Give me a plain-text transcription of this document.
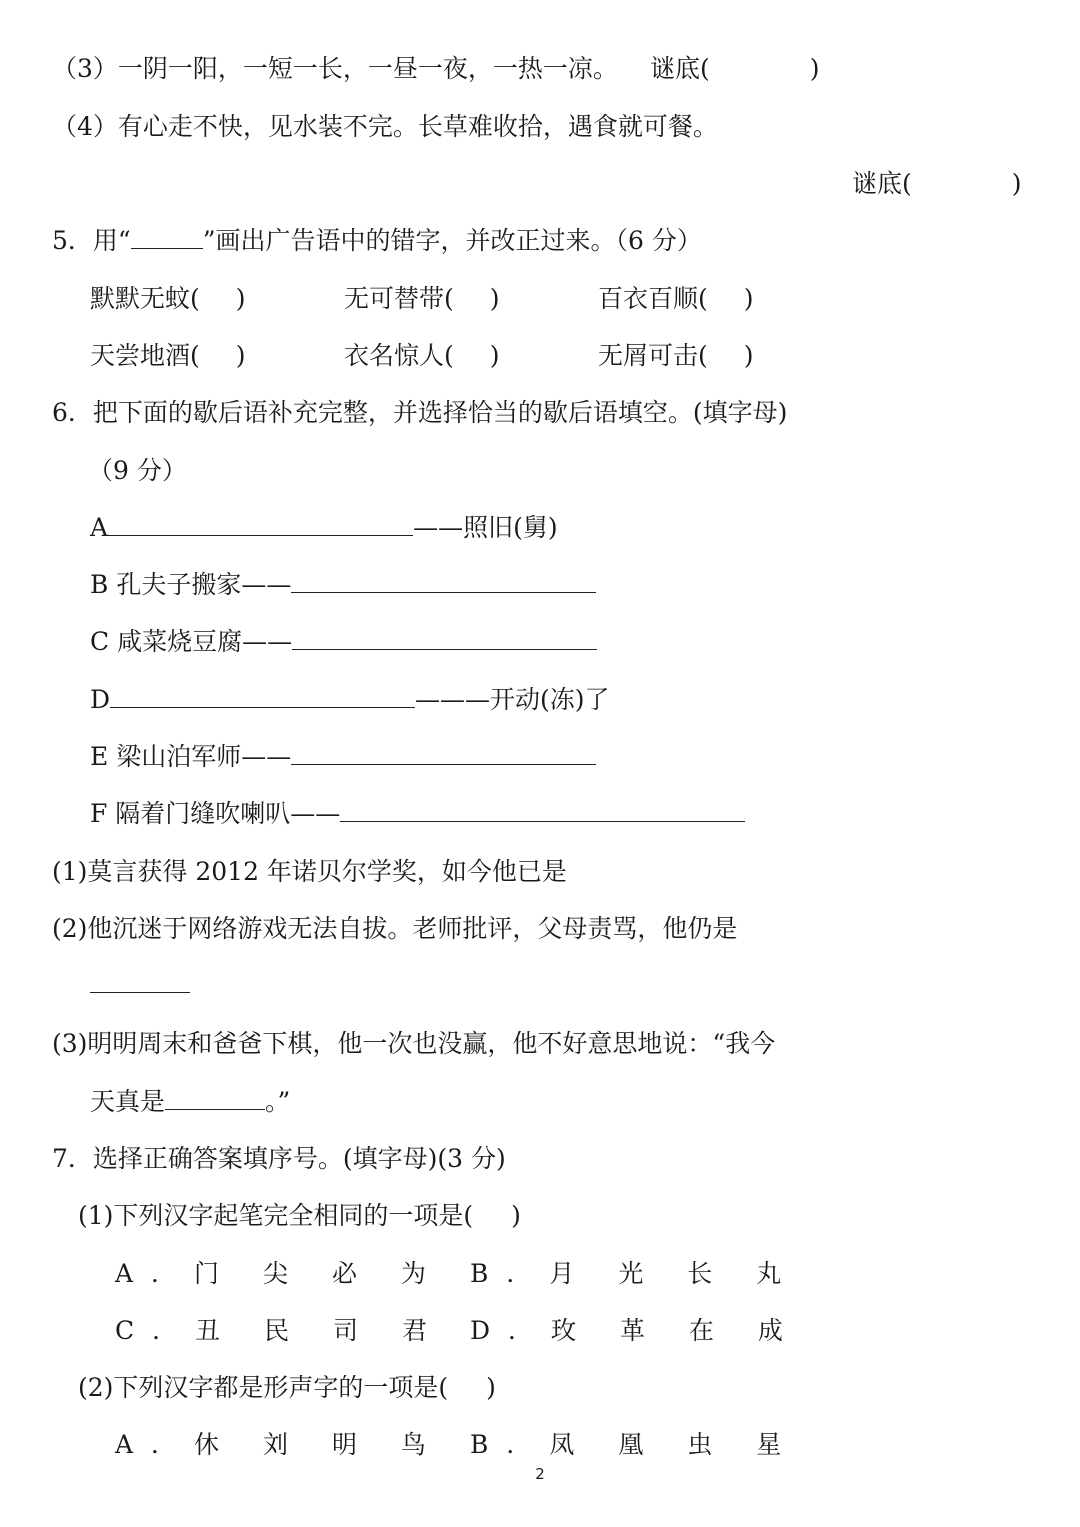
（3）一阴一阳，一短一长，一昼一夜，一热一凉。 谜底(	)
（4）有心走不快，见水装不完。长草难收拾，遇食就可餐。
谜底(	)
5．用“	”画出广告语中的错字，并改正过来。（6 分）
默默无蚊( )	无可替带( )	百衣百顺( )
天尝地酒( )	衣名惊人( )	无屑可击( )
6．把下面的歇后语补充完整，并选择恰当的歇后语填空。(填字母)
（9 分）
A	——照旧(舅)
B 孔夫子搬家——
C 咸菜烧豆腐——
D	———开动(冻)了
E 梁山泊军师——
F 隔着门缝吹喇叭——
(1)莫言获得 2012 年诺贝尔学奖，如今他已是
(2)他沉迷于网络游戏无法自拔。老师批评，父母责骂，他仍是
(3)明明周末和爸爸下棋，他一次也没赢，他不好意思地说：“我今
天真是	。”
7．选择正确答案填序号。(填字母)(3 分)
(1)下列汉字起笔完全相同的一项是( )
A．门 尖 必 为 B．月 光 长 丸
C．丑 民 司 君 D．玫 革 在 成
(2)下列汉字都是形声字的一项是( )
A．休 刘 明 鸟 B．凤 凰 虫 星
2
